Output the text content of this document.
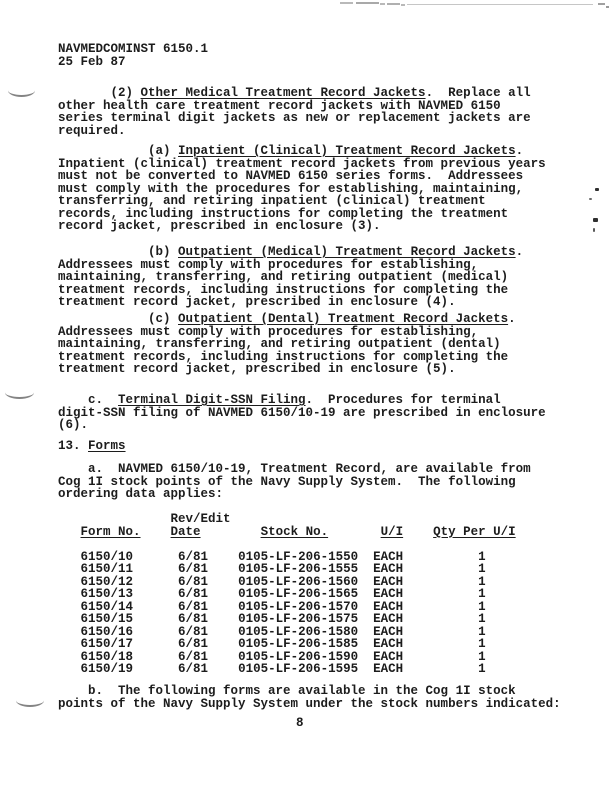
NAVMEDCOMINST 6150.1
25 Feb 87
(2) Other Medical Treatment Record Jackets.  Replace all
other health care treatment record jackets with NAVMED 6150
series terminal digit jackets as new or replacement jackets are
required.
(a) Inpatient (Clinical) Treatment Record Jackets.
Inpatient (clinical) treatment record jackets from previous years
must not be converted to NAVMED 6150 series forms.  Addressees
must comply with the procedures for establishing, maintaining,
transferring, and retiring inpatient (clinical) treatment
records, including instructions for completing the treatment
record jacket, prescribed in enclosure (3).
(b) Outpatient (Medical) Treatment Record Jackets.
Addressees must comply with procedures for establishing,
maintaining, transferring, and retiring outpatient (medical)
treatment records, including instructions for completing the
treatment record jacket, prescribed in enclosure (4).
(c) Outpatient (Dental) Treatment Record Jackets.
Addressees must comply with procedures for establishing,
maintaining, transferring, and retiring outpatient (dental)
treatment records, including instructions for completing the
treatment record jacket, prescribed in enclosure (5).
c.  Terminal Digit-SSN Filing.  Procedures for terminal
digit-SSN filing of NAVMED 6150/10-19 are prescribed in enclosure
(6).
13. Forms
a.  NAVMED 6150/10-19, Treatment Record, are available from
Cog 1I stock points of the Navy Supply System.  The following
ordering data applies:
b.  The following forms are available in the Cog 1I stock
points of the Navy Supply System under the stock numbers indicated:
8
Rev/Edit
Form No. Date	Stock No.	U/I Qty Per U/I

6150/10	6/81 0105-LF-206-1550 EACH	1
6150/11	6/81 0105-LF-206-1555 EACH	1
6150/12	6/81 0105-LF-206-1560 EACH	1
6150/13	6/81 0105-LF-206-1565 EACH	1
6150/14	6/81 0105-LF-206-1570 EACH	1
6150/15	6/81 0105-LF-206-1575 EACH	1
6150/16	6/81 0105-LF-206-1580 EACH	1
6150/17	6/81 0105-LF-206-1585 EACH	1
6150/18	6/81 0105-LF-206-1590 EACH	1
6150/19	6/81 0105-LF-206-1595 EACH	1
